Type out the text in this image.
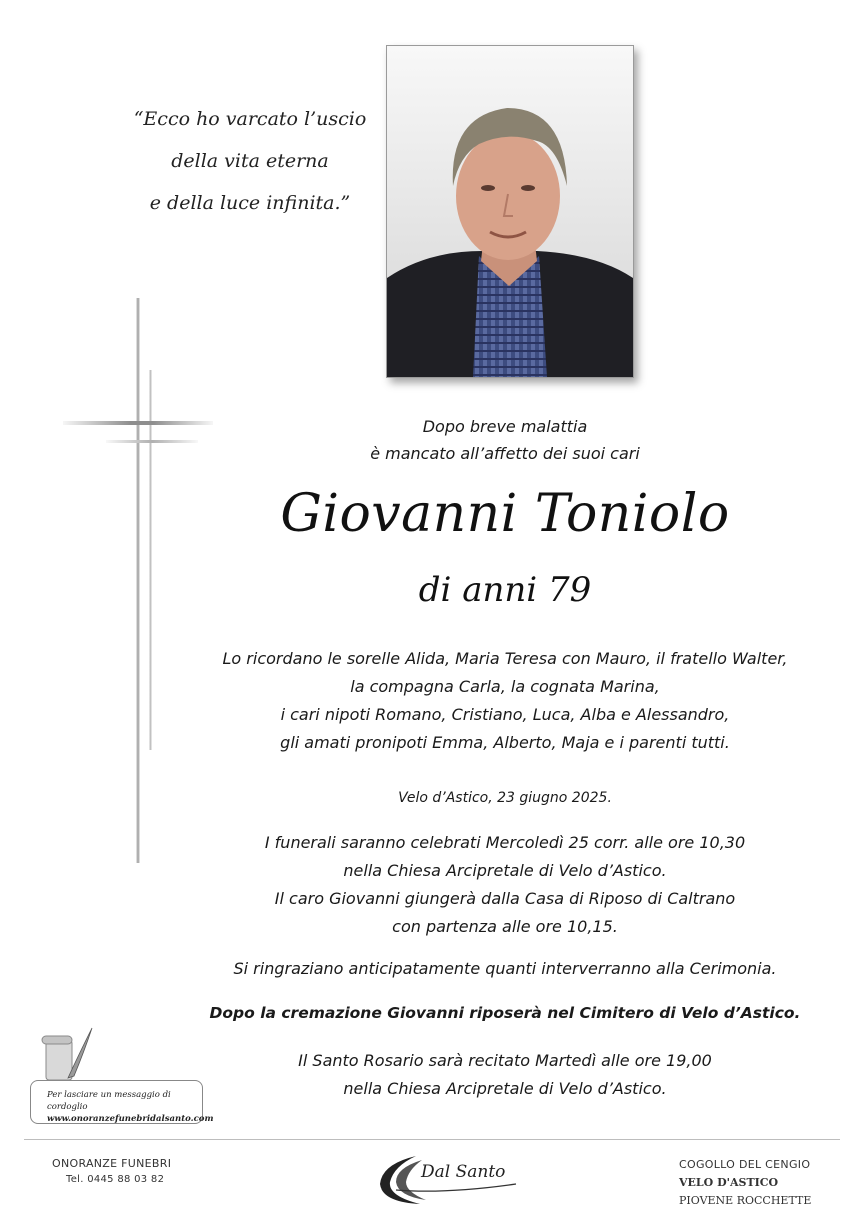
“Ecco ho varcato l’uscio
della vita eterna
e della luce infinita.”
Dopo breve malattia
è mancato all’affetto dei suoi cari
Giovanni Toniolo
di anni 79
Lo ricordano le sorelle Alida, Maria Teresa con Mauro, il fratello Walter,
la compagna Carla, la cognata Marina,
i cari nipoti Romano, Cristiano, Luca, Alba e Alessandro,
gli amati pronipoti Emma, Alberto, Maja e i parenti tutti.
Velo d’Astico, 23 giugno 2025.
I funerali saranno celebrati Mercoledì 25 corr. alle ore 10,30
nella Chiesa Arcipretale di Velo d’Astico.
Il caro Giovanni giungerà dalla Casa di Riposo di Caltrano
con partenza alle ore 10,15.
Si ringraziano anticipatamente quanti interverranno alla Cerimonia.
Dopo la cremazione Giovanni riposerà nel Cimitero di Velo d’Astico.
Il Santo Rosario sarà recitato Martedì alle ore 19,00
nella Chiesa Arcipretale di Velo d’Astico.
Per lasciare un messaggio di cordoglio
www.onoranzefunebridalsanto.com
ONORANZE FUNEBRI
Tel. 0445 88 03 82	Dal Santo	COGOLLO DEL CENGIO
VELO D'ASTICO
PIOVENE ROCCHETTE
